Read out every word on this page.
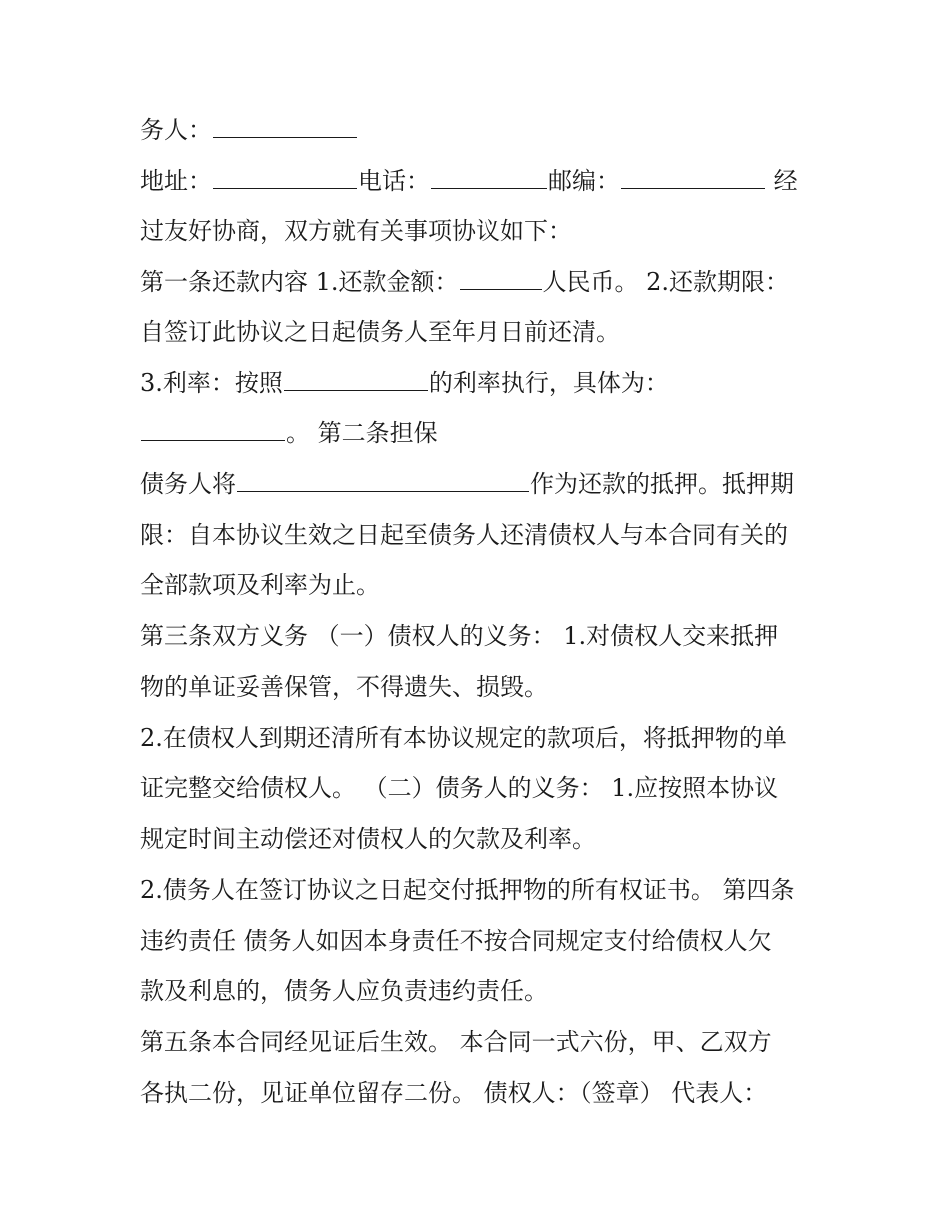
务人：
地址：	电话：	邮编：	经
过友好协商，双方就有关事项协议如下：
第一条还款内容 1.还款金额：	人民币。 2.还款期限：
自签订此协议之日起债务人至年月日前还清。
3.利率：按照	的利率执行，具体为：
。 第二条担保
债务人将	作为还款的抵押。抵押期
限：自本协议生效之日起至债务人还清债权人与本合同有关的
全部款项及利率为止。
第三条双方义务 （一）债权人的义务： 1.对债权人交来抵押
物的单证妥善保管，不得遗失、损毁。
2.在债权人到期还清所有本协议规定的款项后，将抵押物的单
证完整交给债权人。 （二）债务人的义务： 1.应按照本协议
规定时间主动偿还对债权人的欠款及利率。
2.债务人在签订协议之日起交付抵押物的所有权证书。 第四条
违约责任 债务人如因本身责任不按合同规定支付给债权人欠
款及利息的，债务人应负责违约责任。
第五条本合同经见证后生效。 本合同一式六份，甲、乙双方
各执二份，见证单位留存二份。 债权人：（签章） 代表人：
